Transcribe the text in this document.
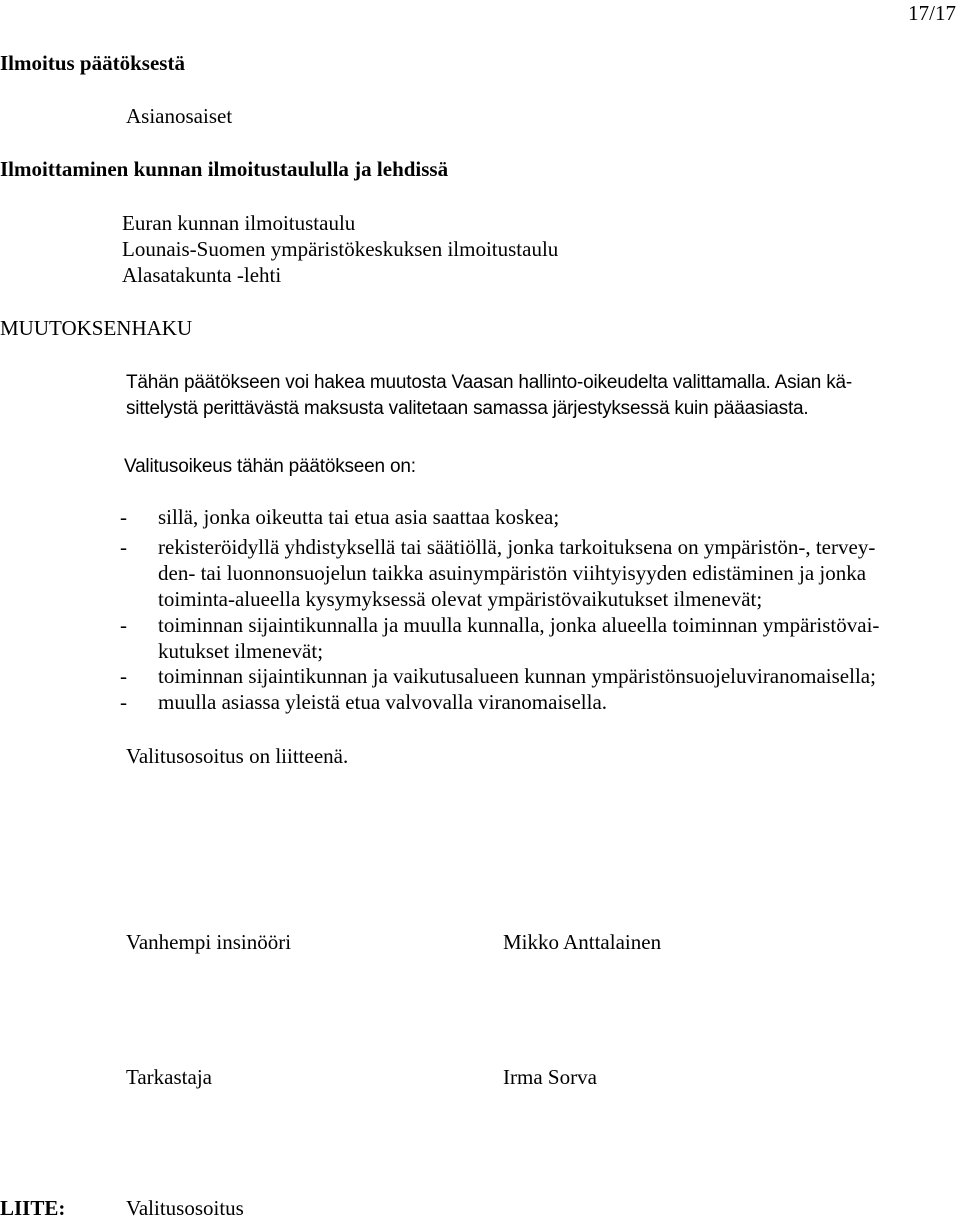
17/17
Ilmoitus päätöksestä
Asianosaiset
Ilmoittaminen kunnan ilmoitustaululla ja lehdissä
Euran kunnan ilmoitustaulu
Lounais-Suomen ympäristökeskuksen ilmoitustaulu
Alasatakunta -lehti
MUUTOKSENHAKU
Tähän päätökseen voi hakea muutosta Vaasan hallinto-oikeudelta valittamalla. Asian kä-
sittelystä perittävästä maksusta valitetaan samassa järjestyksessä kuin pääasiasta.
Valitusoikeus tähän päätökseen on:
- sillä, jonka oikeutta tai etua asia saattaa koskea;
- rekisteröidyllä yhdistyksellä tai säätiöllä, jonka tarkoituksena on ympäristön-, tervey-
den- tai luonnonsuojelun taikka asuinympäristön viihtyisyyden edistäminen ja jonka
toiminta-alueella kysymyksessä olevat ympäristövaikutukset ilmenevät;
- toiminnan sijaintikunnalla ja muulla kunnalla, jonka alueella toiminnan ympäristövai-
kutukset ilmenevät;
- toiminnan sijaintikunnan ja vaikutusalueen kunnan ympäristönsuojeluviranomaisella;
- muulla asiassa yleistä etua valvovalla viranomaisella.
Valitusosoitus on liitteenä.
Vanhempi insinööri	Mikko Anttalainen
Tarkastaja	Irma Sorva
LIITE:	Valitusosoitus
